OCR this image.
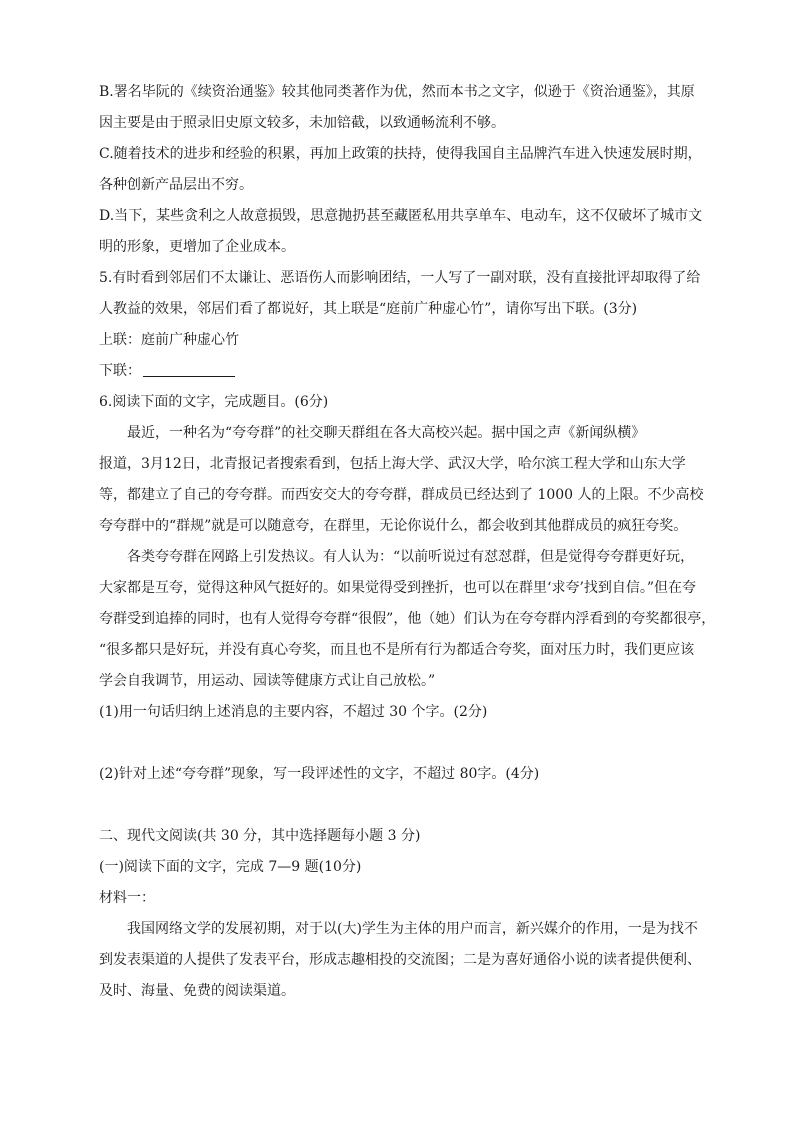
B.署名毕阮的《续资治通鉴》较其他同类著作为优，然而本书之文字，似逊于《资治通鉴》，其原
因主要是由于照录旧史原文较多，未加锫截，以致通畅流利不够。
C.随着技术的进步和经验的积累，再加上政策的扶持，使得我国自主品牌汽车进入快速发展时期，
各种创新产品层出不穷。
D.当下，某些贪利之人故意损毁，思意抛扔甚至藏匿私用共享单车、电动车，这不仅破坏了城市文
明的形象，更增加了企业成本。
5.有时看到邻居们不太谦让、恶语伤人而影响团结，一人写了一副对联，没有直接批评却取得了给
人教益的效果，邻居们看了都说好，其上联是“庭前广种虚心竹”，请你写出下联。(3分)
上联：庭前广种虚心竹
下联：
6.阅读下面的文字，完成题目。(6分)
最近，一种名为“夸夸群”的社交聊天群组在各大高校兴起。据中国之声《新闻纵横》
报道，3月12日，北青报记者搜索看到，包括上海大学、武汉大学，哈尔滨工程大学和山东大学
等，都建立了自己的夸夸群。而西安交大的夸夸群，群成员已经达到了 1000 人的上限。不少高校
夸夸群中的“群规”就是可以随意夸，在群里，无论你说什么，都会收到其他群成员的疯狂夸奖。
各类夸夸群在网路上引发热议。有人认为：“以前听说过有怼怼群，但是觉得夸夸群更好玩，
大家都是互夸，觉得这种风气挺好的。如果觉得受到挫折，也可以在群里‘求夸’找到自信。”但在夸
夸群受到追捧的同时，也有人觉得夸夸群“很假”，他（她）们认为在夸夸群内浮看到的夸奖都很亭，
“很多都只是好玩，并没有真心夸奖，而且也不是所有行为都适合夸奖，面对压力时，我们更应该
学会自我调节，用运动、园读等健康方式让自己放松。”
(1)用一句话归纳上述消息的主要内容，不超过 30 个字。(2分)
(2)针对上述“夸夸群”现象，写一段评述性的文字，不超过 80字。(4分)
二、现代文阅读(共 30 分，其中选择题每小题 3 分)
(一)阅读下面的文字，完成 7—9 题(10分)
材料一：
我国网络文学的发展初期，对于以(大)学生为主体的用户而言，新兴媒介的作用，一是为找不
到发表渠道的人提供了发表平台，形成志趣相投的交流图；二是为喜好通俗小说的读者提供便利、
及时、海量、免费的阅读渠道。
